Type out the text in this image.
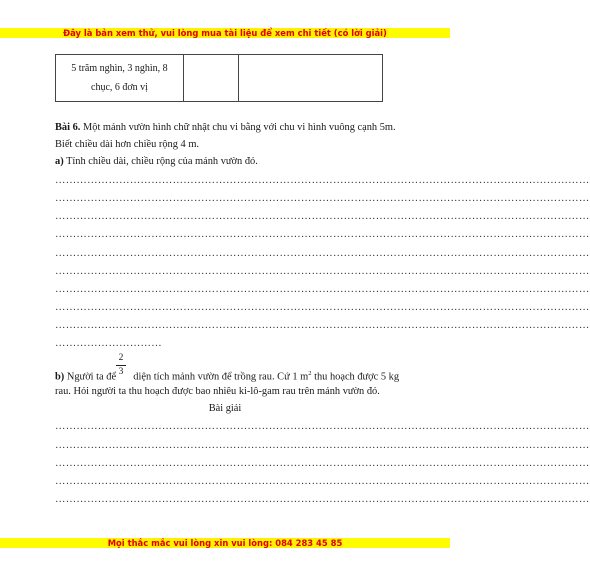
Đây là bản xem thử, vui lòng mua tài liệu để xem chi tiết (có lời giải)
5 trăm nghìn, 3 nghìn, 8
chục, 6 đơn vị

Bài 6. Một mảnh vườn hình chữ nhật chu vi bằng với chu vi hình vuông cạnh 5m.
Biết chiều dài hơn chiều rộng 4 m.
a) Tính chiều dài, chiều rộng của mảnh vườn đó.
……………………………………………………………………………………………………………………………………
……………………………………………………………………………………………………………………………………
……………………………………………………………………………………………………………………………………
……………………………………………………………………………………………………………………………………
……………………………………………………………………………………………………………………………………
……………………………………………………………………………………………………………………………………
……………………………………………………………………………………………………………………………………
……………………………………………………………………………………………………………………………………
……………………………………………………………………………………………………………………………………
…………………………
$\frac{2}{3}$
b) Người ta để diện tích mảnh vườn để trồng rau. Cứ 1 $m^2$ thu hoạch được 5 kg
rau. Hỏi người ta thu hoạch được bao nhiêu ki-lô-gam rau trên mảnh vườn đó.
Bài giải
……………………………………………………………………………………………………………………………………
……………………………………………………………………………………………………………………………………
……………………………………………………………………………………………………………………………………
……………………………………………………………………………………………………………………………………
……………………………………………………………………………………………………………………………………
Mọi thắc mắc vui lòng xin vui lòng: 084 283 45 85
